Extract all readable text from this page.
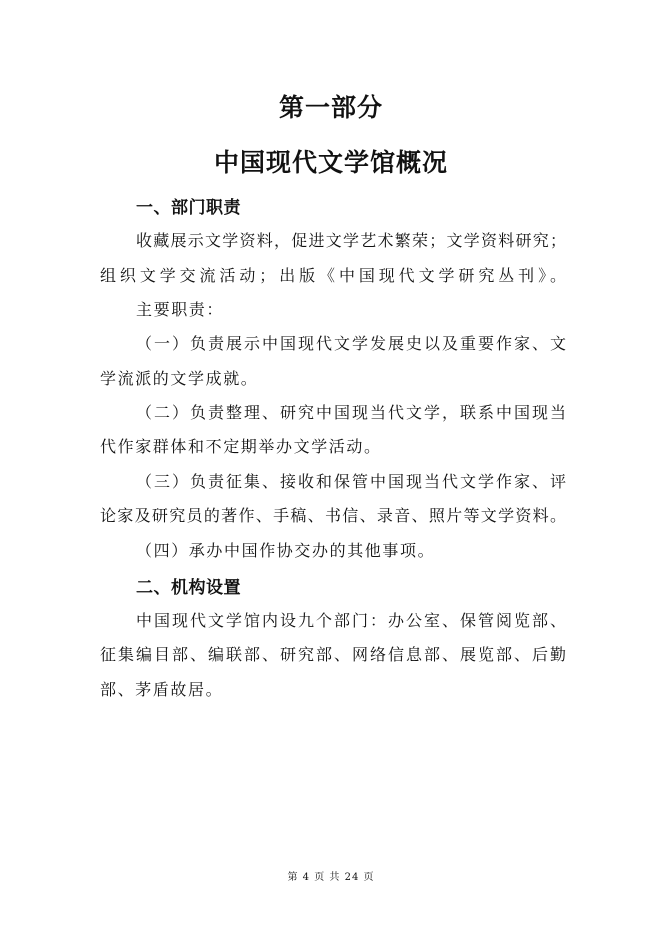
第一部分
中国现代文学馆概况
一、部门职责
收藏展示文学资料，促进文学艺术繁荣；文学资料研究；
组织文学交流活动；出版《中国现代文学研究丛刊》。
主要职责：
（一）负责展示中国现代文学发展史以及重要作家、文
学流派的文学成就。
（二）负责整理、研究中国现当代文学，联系中国现当
代作家群体和不定期举办文学活动。
（三）负责征集、接收和保管中国现当代文学作家、评
论家及研究员的著作、手稿、书信、录音、照片等文学资料。
（四）承办中国作协交办的其他事项。
二、机构设置
中国现代文学馆内设九个部门：办公室、保管阅览部、
征集编目部、编联部、研究部、网络信息部、展览部、后勤
部、茅盾故居。
第 4 页 共 24 页
